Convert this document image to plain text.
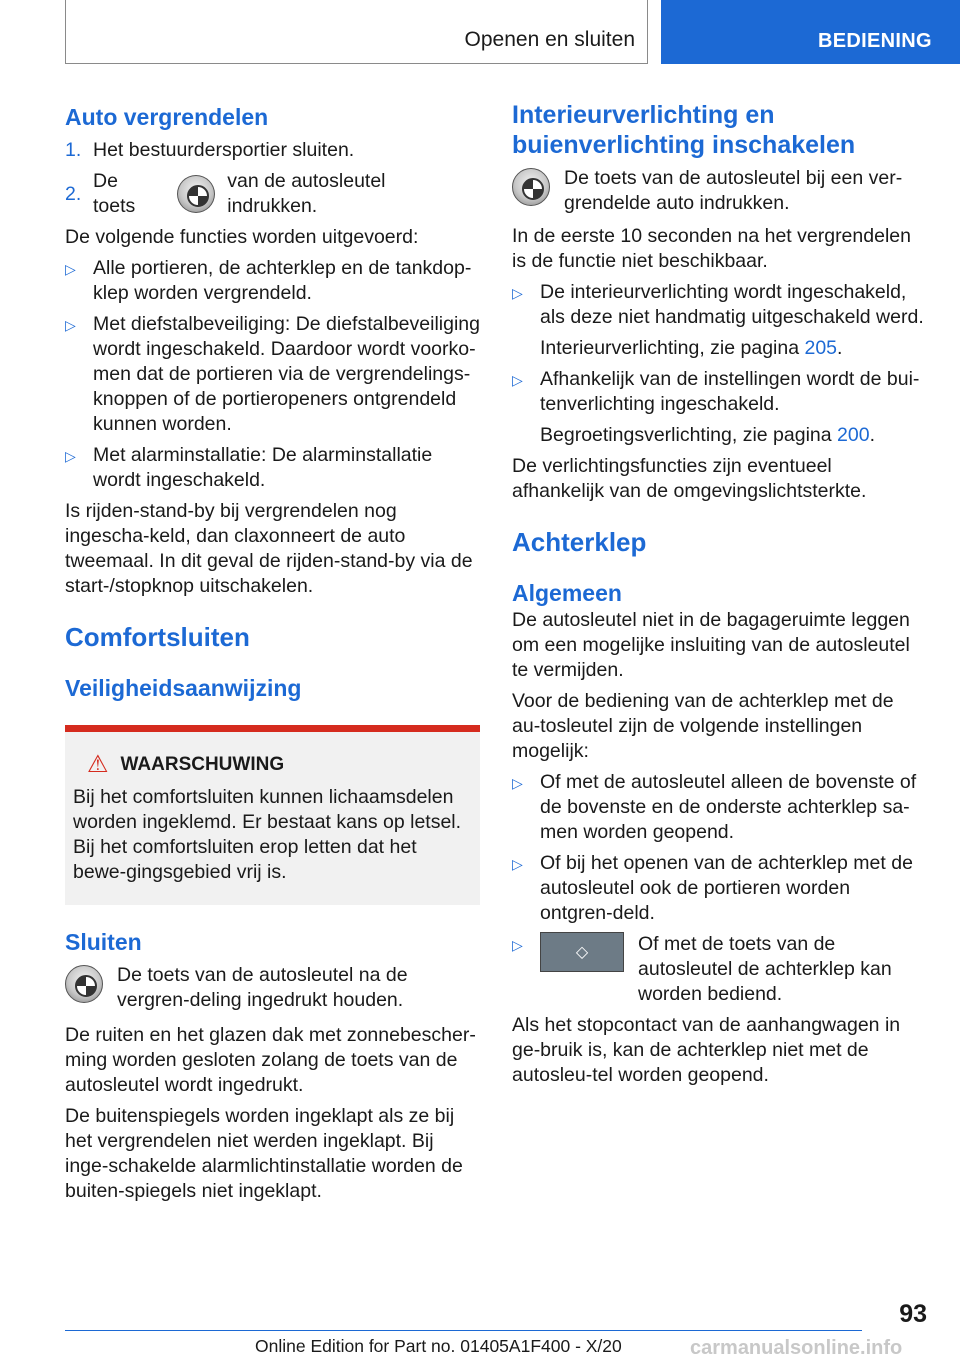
Openen en sluiten	BEDIENING
Auto vergrendelen
1. Het bestuurdersportier sluiten.
2.
De toets
van de autosleutel indrukken.

De volgende functies worden uitgevoerd:

▷ Alle portieren, de achterklep en de tankdop-klep worden vergrendeld.
▷ Met diefstalbeveiliging: De diefstalbeveiliging wordt ingeschakeld. Daardoor wordt voorko-men dat de portieren via de vergrendelings-knoppen of de portieropeners ontgrendeld kunnen worden.
▷ Met alarminstallatie: De alarminstallatie wordt ingeschakeld.

Is rijden-stand-by bij vergrendelen nog ingescha-keld, dan claxonneert de auto tweemaal. In dit geval de rijden-stand-by via de start-/stopknop uitschakelen.

Comfortsluiten
Veiligheidsaanwijzing
⚠ WAARSCHUWING

Bij het comfortsluiten kunnen lichaamsdelen worden ingeklemd. Er bestaat kans op letsel. Bij het comfortsluiten erop letten dat het bewe-gingsgebied vrij is.

Sluiten

De toets van de autosleutel na de vergren-deling ingedrukt houden.

De ruiten en het glazen dak met zonnebescher-ming worden gesloten zolang de toets van de autosleutel wordt ingedrukt.

De buitenspiegels worden ingeklapt als ze bij het vergrendelen niet werden ingeklapt. Bij inge-schakelde alarmlichtinstallatie worden de buiten-spiegels niet ingeklapt.

Interieurverlichting en buienverlichting inschakelen

De toets van de autosleutel bij een ver-grendelde auto indrukken.

In de eerste 10 seconden na het vergrendelen is de functie niet beschikbaar.

▷ De interieurverlichting wordt ingeschakeld, als deze niet handmatig uitgeschakeld werd.
Interieurverlichting, zie pagina 205.
▷ Afhankelijk van de instellingen wordt de bui-tenverlichting ingeschakeld.
Begroetingsverlichting, zie pagina 200.

De verlichtingsfuncties zijn eventueel afhankelijk van de omgevingslichtsterkte.

Achterklep
Algemeen

De autosleutel niet in de bagageruimte leggen om een mogelijke insluiting van de autosleutel te vermijden.

Voor de bediening van de achterklep met de au-tosleutel zijn de volgende instellingen mogelijk:

▷ Of met de autosleutel alleen de bovenste of de bovenste en de onderste achterklep sa-men worden geopend.
▷ Of bij het openen van de achterklep met de autosleutel ook de portieren worden ontgren-deld.
▷	◇	Of met de toets van de autosleutel de achterklep kan worden bediend.

Als het stopcontact van de aanhangwagen in ge-bruik is, kan de achterklep niet met de autosleu-tel worden geopend.

93
Online Edition for Part no. 01405A1F400 - X/20	carmanualsonline.info
